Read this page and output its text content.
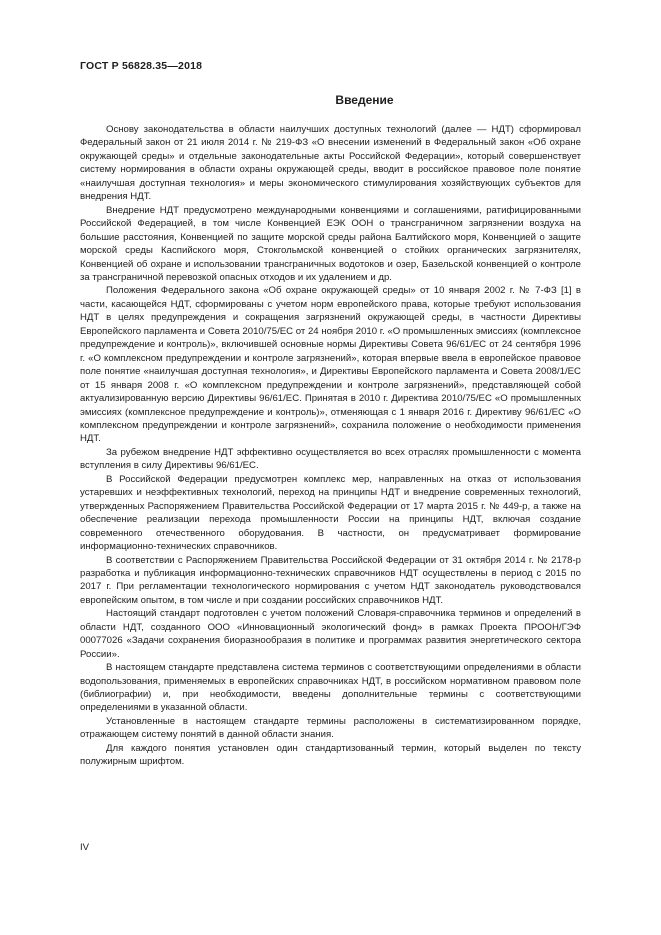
ГОСТ Р 56828.35—2018
Введение

Основу законодательства в области наилучших доступных технологий (далее — НДТ) сформировал Федеральный закон от 21 июля 2014 г. № 219-ФЗ «О внесении изменений в Федеральный закон «Об охране окружающей среды» и отдельные законодательные акты Российской Федерации», который совершенствует систему нормирования в области охраны окружающей среды, вводит в российское правовое поле понятие «наилучшая доступная технология» и меры экономического стимулирования хозяйствующих субъектов для внедрения НДТ.

Внедрение НДТ предусмотрено международными конвенциями и соглашениями, ратифицированными Российской Федерацией, в том числе Конвенцией ЕЭК ООН о трансграничном загрязнении воздуха на большие расстояния, Конвенцией по защите морской среды района Балтийского моря, Конвенцией о защите морской среды Каспийского моря, Стокгольмской конвенцией о стойких органических загрязнителях, Конвенцией об охране и использовании трансграничных водотоков и озер, Базельской конвенцией о контроле за трансграничной перевозкой опасных отходов и их удалением и др.

Положения Федерального закона «Об охране окружающей среды» от 10 января 2002 г. № 7-ФЗ [1] в части, касающейся НДТ, сформированы с учетом норм европейского права, которые требуют использования НДТ в целях предупреждения и сокращения загрязнений окружающей среды, в частности Директивы Европейского парламента и Совета 2010/75/ЕС от 24 ноября 2010 г. «О промышленных эмиссиях (комплексное предупреждение и контроль)», включившей основные нормы Директивы Совета 96/61/ЕС от 24 сентября 1996 г. «О комплексном предупреждении и контроле загрязнений», которая впервые ввела в европейское правовое поле понятие «наилучшая доступная технология», и Директивы Европейского парламента и Совета 2008/1/ЕС от 15 января 2008 г. «О комплексном предупреждении и контроле загрязнений», представляющей собой актуализированную версию Директивы 96/61/ЕС. Принятая в 2010 г. Директива 2010/75/ЕС «О промышленных эмиссиях (комплексное предупреждение и контроль)», отменяющая с 1 января 2016 г. Директиву 96/61/ЕС «О комплексном предупреждении и контроле загрязнений», сохранила положение о необходимости применения НДТ.

За рубежом внедрение НДТ эффективно осуществляется во всех отраслях промышленности с момента вступления в силу Директивы 96/61/ЕС.

В Российской Федерации предусмотрен комплекс мер, направленных на отказ от использования устаревших и неэффективных технологий, переход на принципы НДТ и внедрение современных технологий, утвержденных Распоряжением Правительства Российской Федерации от 17 марта 2015 г. № 449-р, а также на обеспечение реализации перехода промышленности России на принципы НДТ, включая создание современного отечественного оборудования. В частности, он предусматривает формирование информационно-технических справочников.

В соответствии с Распоряжением Правительства Российской Федерации от 31 октября 2014 г. № 2178-р разработка и публикация информационно-технических справочников НДТ осуществлены в период с 2015 по 2017 г. При регламентации технологического нормирования с учетом НДТ законодатель руководствовался европейским опытом, в том числе и при создании российских справочников НДТ.

Настоящий стандарт подготовлен с учетом положений Словаря-справочника терминов и определений в области НДТ, созданного ООО «Инновационный экологический фонд» в рамках Проекта ПРООН/ГЭФ 00077026 «Задачи сохранения биоразнообразия в политике и программах развития энергетического сектора России».

В настоящем стандарте представлена система терминов с соответствующими определениями в области водопользования, применяемых в европейских справочниках НДТ, в российском нормативном правовом поле (библиографии) и, при необходимости, введены дополнительные термины с соответствующими определениями в указанной области.

Установленные в настоящем стандарте термины расположены в систематизированном порядке, отражающем систему понятий в данной области знания.

Для каждого понятия установлен один стандартизованный термин, который выделен по тексту полужирным шрифтом.

IV
